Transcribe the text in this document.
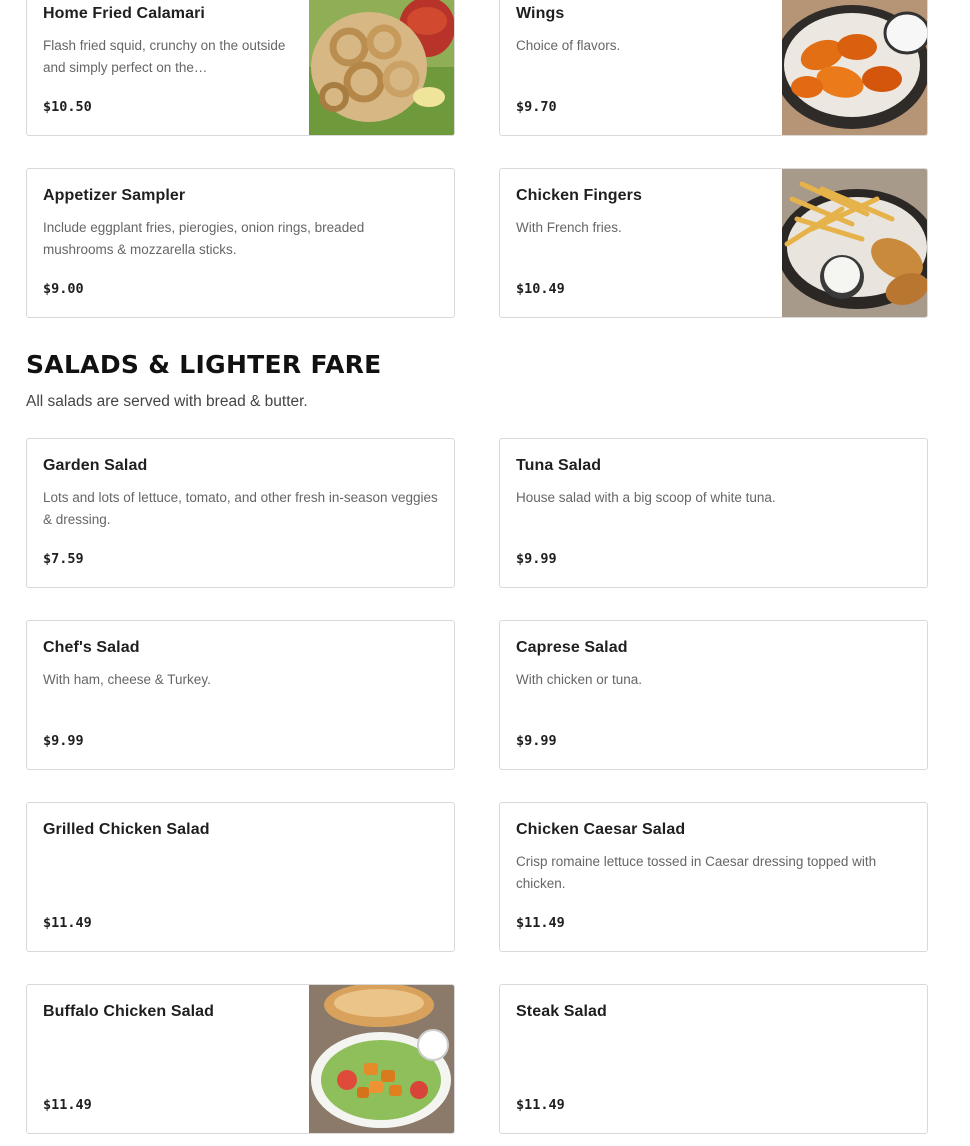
Home Fried Calamari
Flash fried squid, crunchy on the outside and simply perfect on the…
$10.50
Wings
Choice of flavors.
$9.70
Appetizer Sampler
Include eggplant fries, pierogies, onion rings, breaded mushrooms & mozzarella sticks.
$9.00
Chicken Fingers
With French fries.
$10.49
SALADS & LIGHTER FARE

All salads are served with bread & butter.

Garden Salad
Lots and lots of lettuce, tomato, and other fresh in-season veggies & dressing.
$7.59
Tuna Salad
House salad with a big scoop of white tuna.
$9.99
Chef's Salad
With ham, cheese & Turkey.
$9.99
Caprese Salad
With chicken or tuna.
$9.99
Grilled Chicken Salad
$11.49
Chicken Caesar Salad
Crisp romaine lettuce tossed in Caesar dressing topped with chicken.
$11.49
Buffalo Chicken Salad
$11.49
Steak Salad
$11.49
